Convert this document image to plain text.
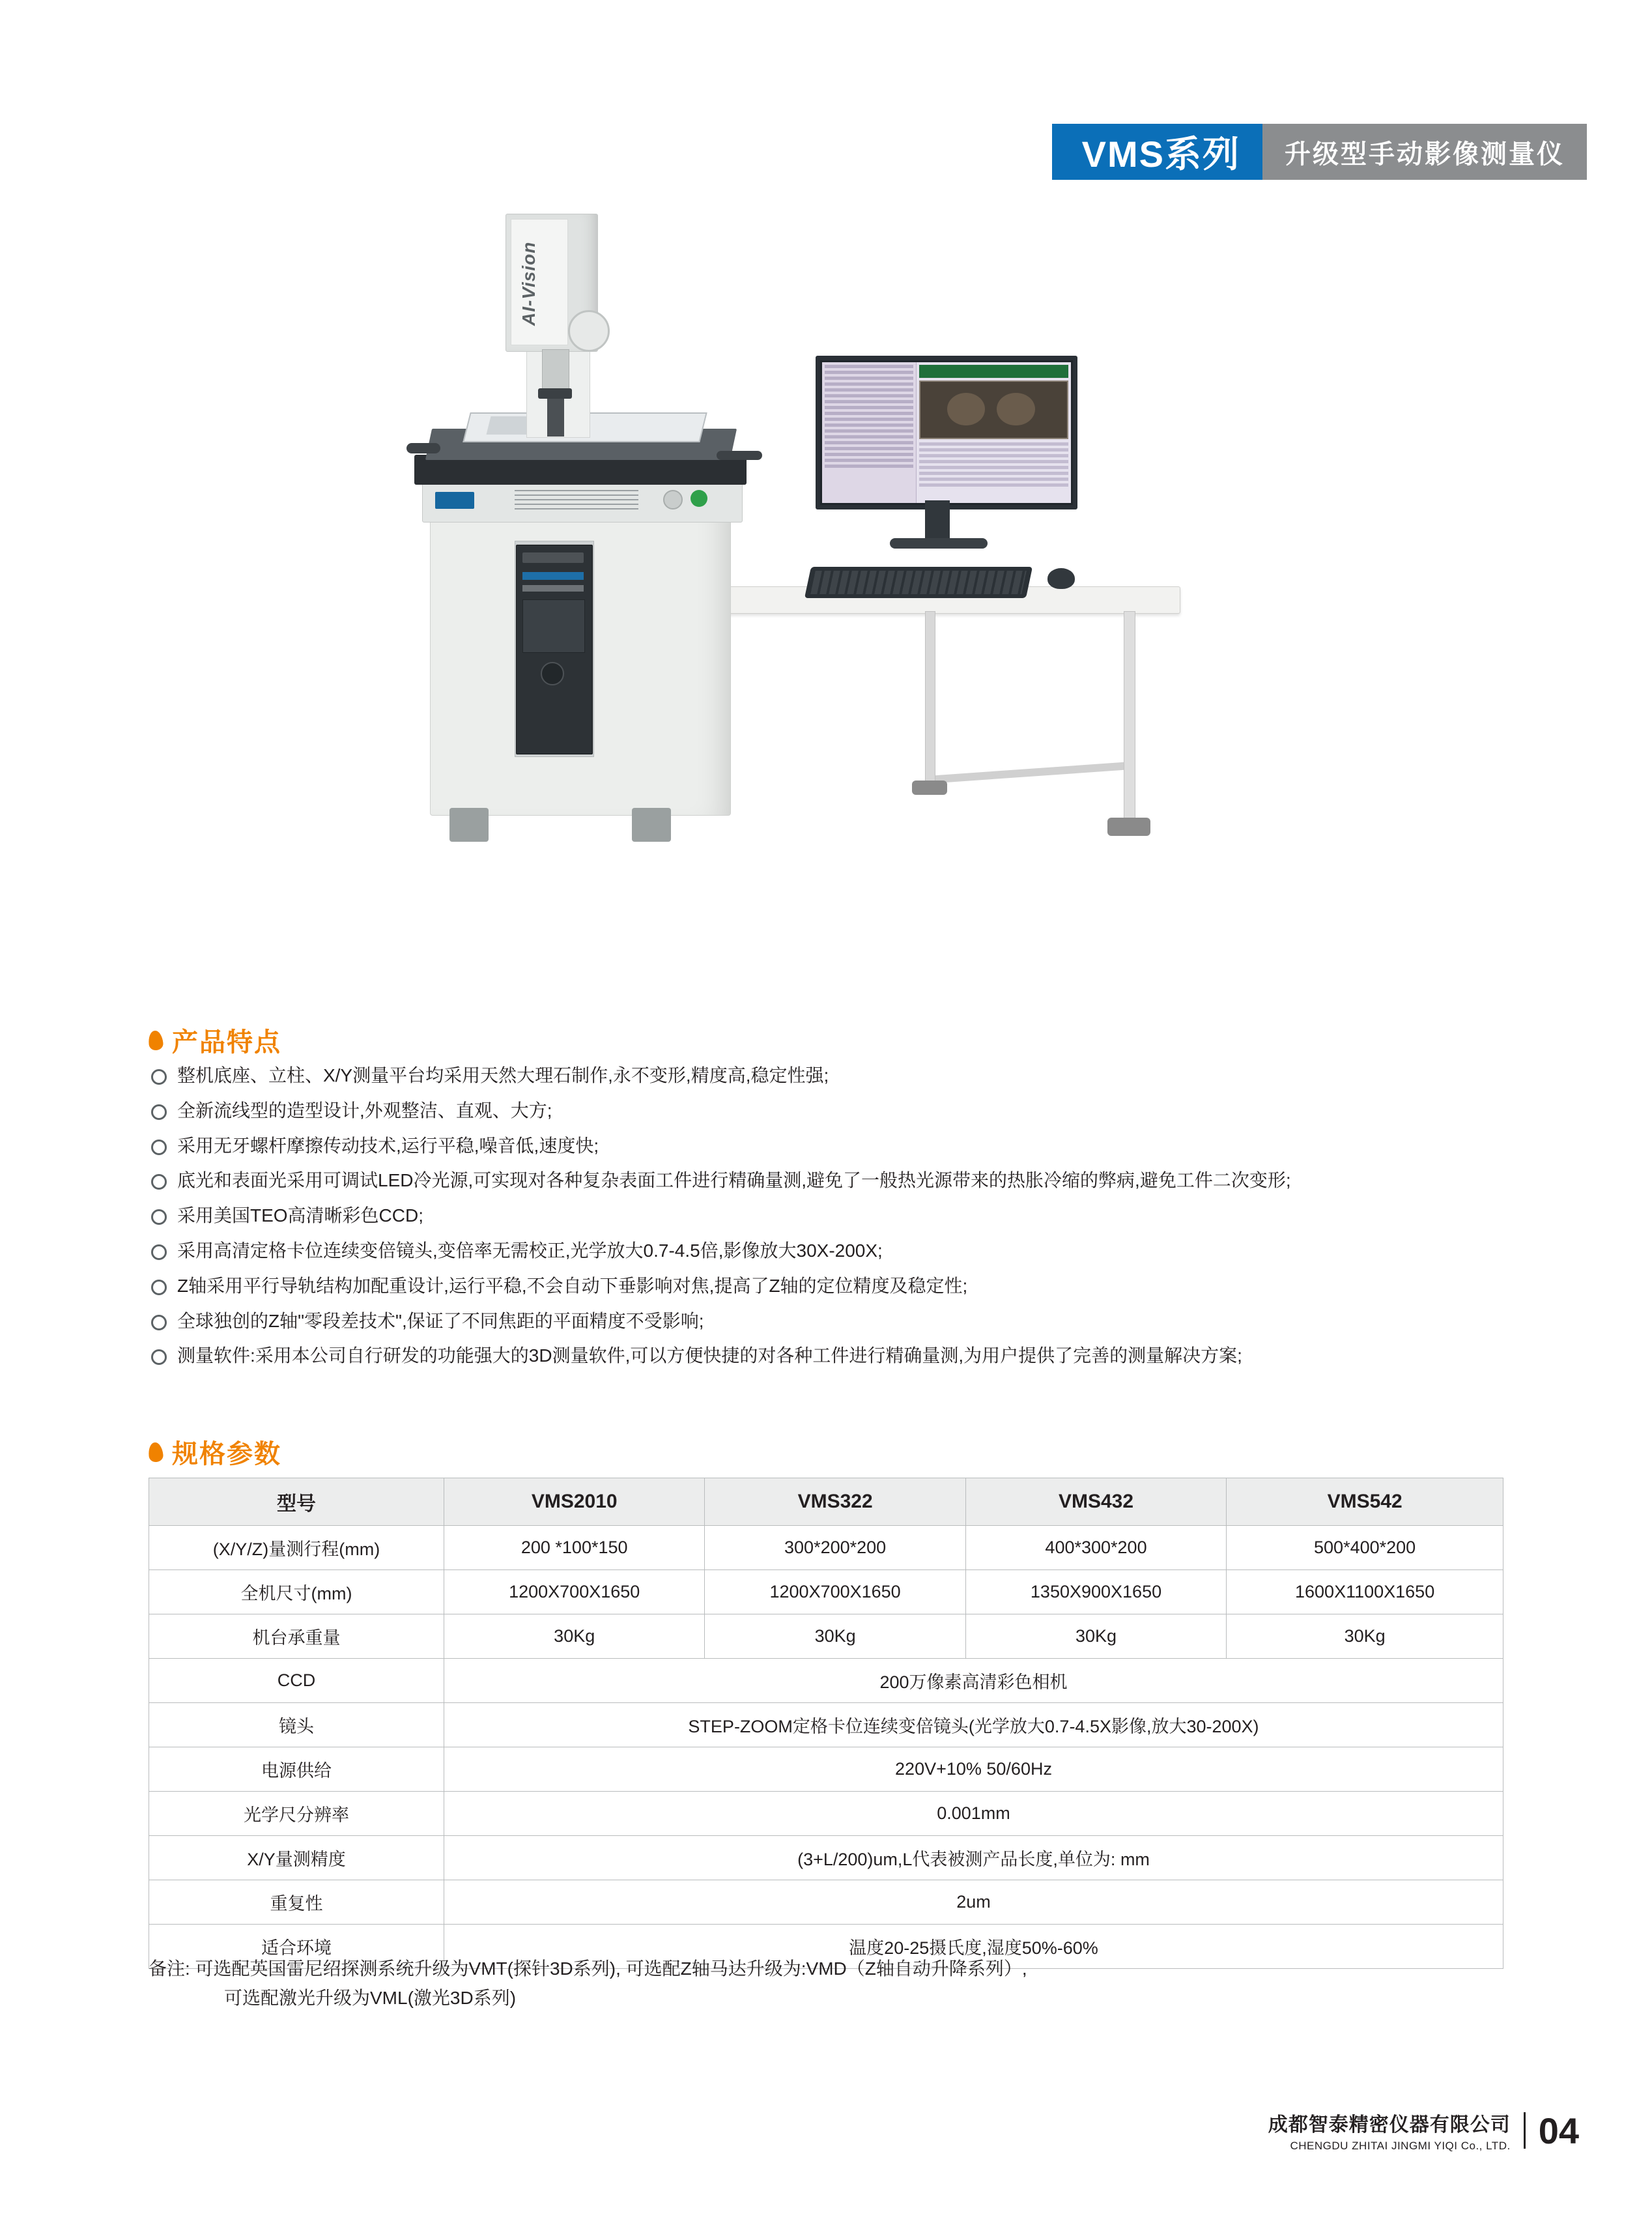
VMS系列	升级型手动影像测量仪
AI-Vision
产品特点
整机底座、立柱、X/Y测量平台均采用天然大理石制作,永不变形,精度高,稳定性强;
全新流线型的造型设计,外观整洁、直观、大方;
采用无牙螺杆摩擦传动技术,运行平稳,噪音低,速度快;
底光和表面光采用可调试LED冷光源,可实现对各种复杂表面工件进行精确量测,避免了一般热光源带来的热胀冷缩的弊病,避免工件二次变形;
采用美国TEO高清晰彩色CCD;
采用高清定格卡位连续变倍镜头,变倍率无需校正,光学放大0.7-4.5倍,影像放大30X-200X;
Z轴采用平行导轨结构加配重设计,运行平稳,不会自动下垂影响对焦,提高了Z轴的定位精度及稳定性;
全球独创的Z轴"零段差技术",保证了不同焦距的平面精度不受影响;
测量软件:采用本公司自行研发的功能强大的3D测量软件,可以方便快捷的对各种工件进行精确量测,为用户提供了完善的测量解决方案;
规格参数
型号	VMS2010	VMS322	VMS432	VMS542
(X/Y/Z)量测行程(mm)	200 *100*150	300*200*200	400*300*200	500*400*200
全机尺寸(mm)	1200X700X1650	1200X700X1650	1350X900X1650	1600X1100X1650
机台承重量	30Kg	30Kg	30Kg	30Kg
CCD	200万像素高清彩色相机			
镜头	STEP-ZOOM定格卡位连续变倍镜头(光学放大0.7-4.5X影像,放大30-200X)			
电源供给	220V+10% 50/60Hz			
光学尺分辨率	0.001mm			
X/Y量测精度	(3+L/200)um,L代表被测产品长度,单位为: mm			
重复性	2um			
适合环境	温度20-25摄氏度,湿度50%-60%			
备注: 可选配英国雷尼绍探测系统升级为VMT(探针3D系列), 可选配Z轴马达升级为:VMD（Z轴自动升降系列）,
可选配激光升级为VML(激光3D系列)
成都智泰精密仪器有限公司
CHENGDU ZHITAI JINGMI YIQI Co., LTD. 04
